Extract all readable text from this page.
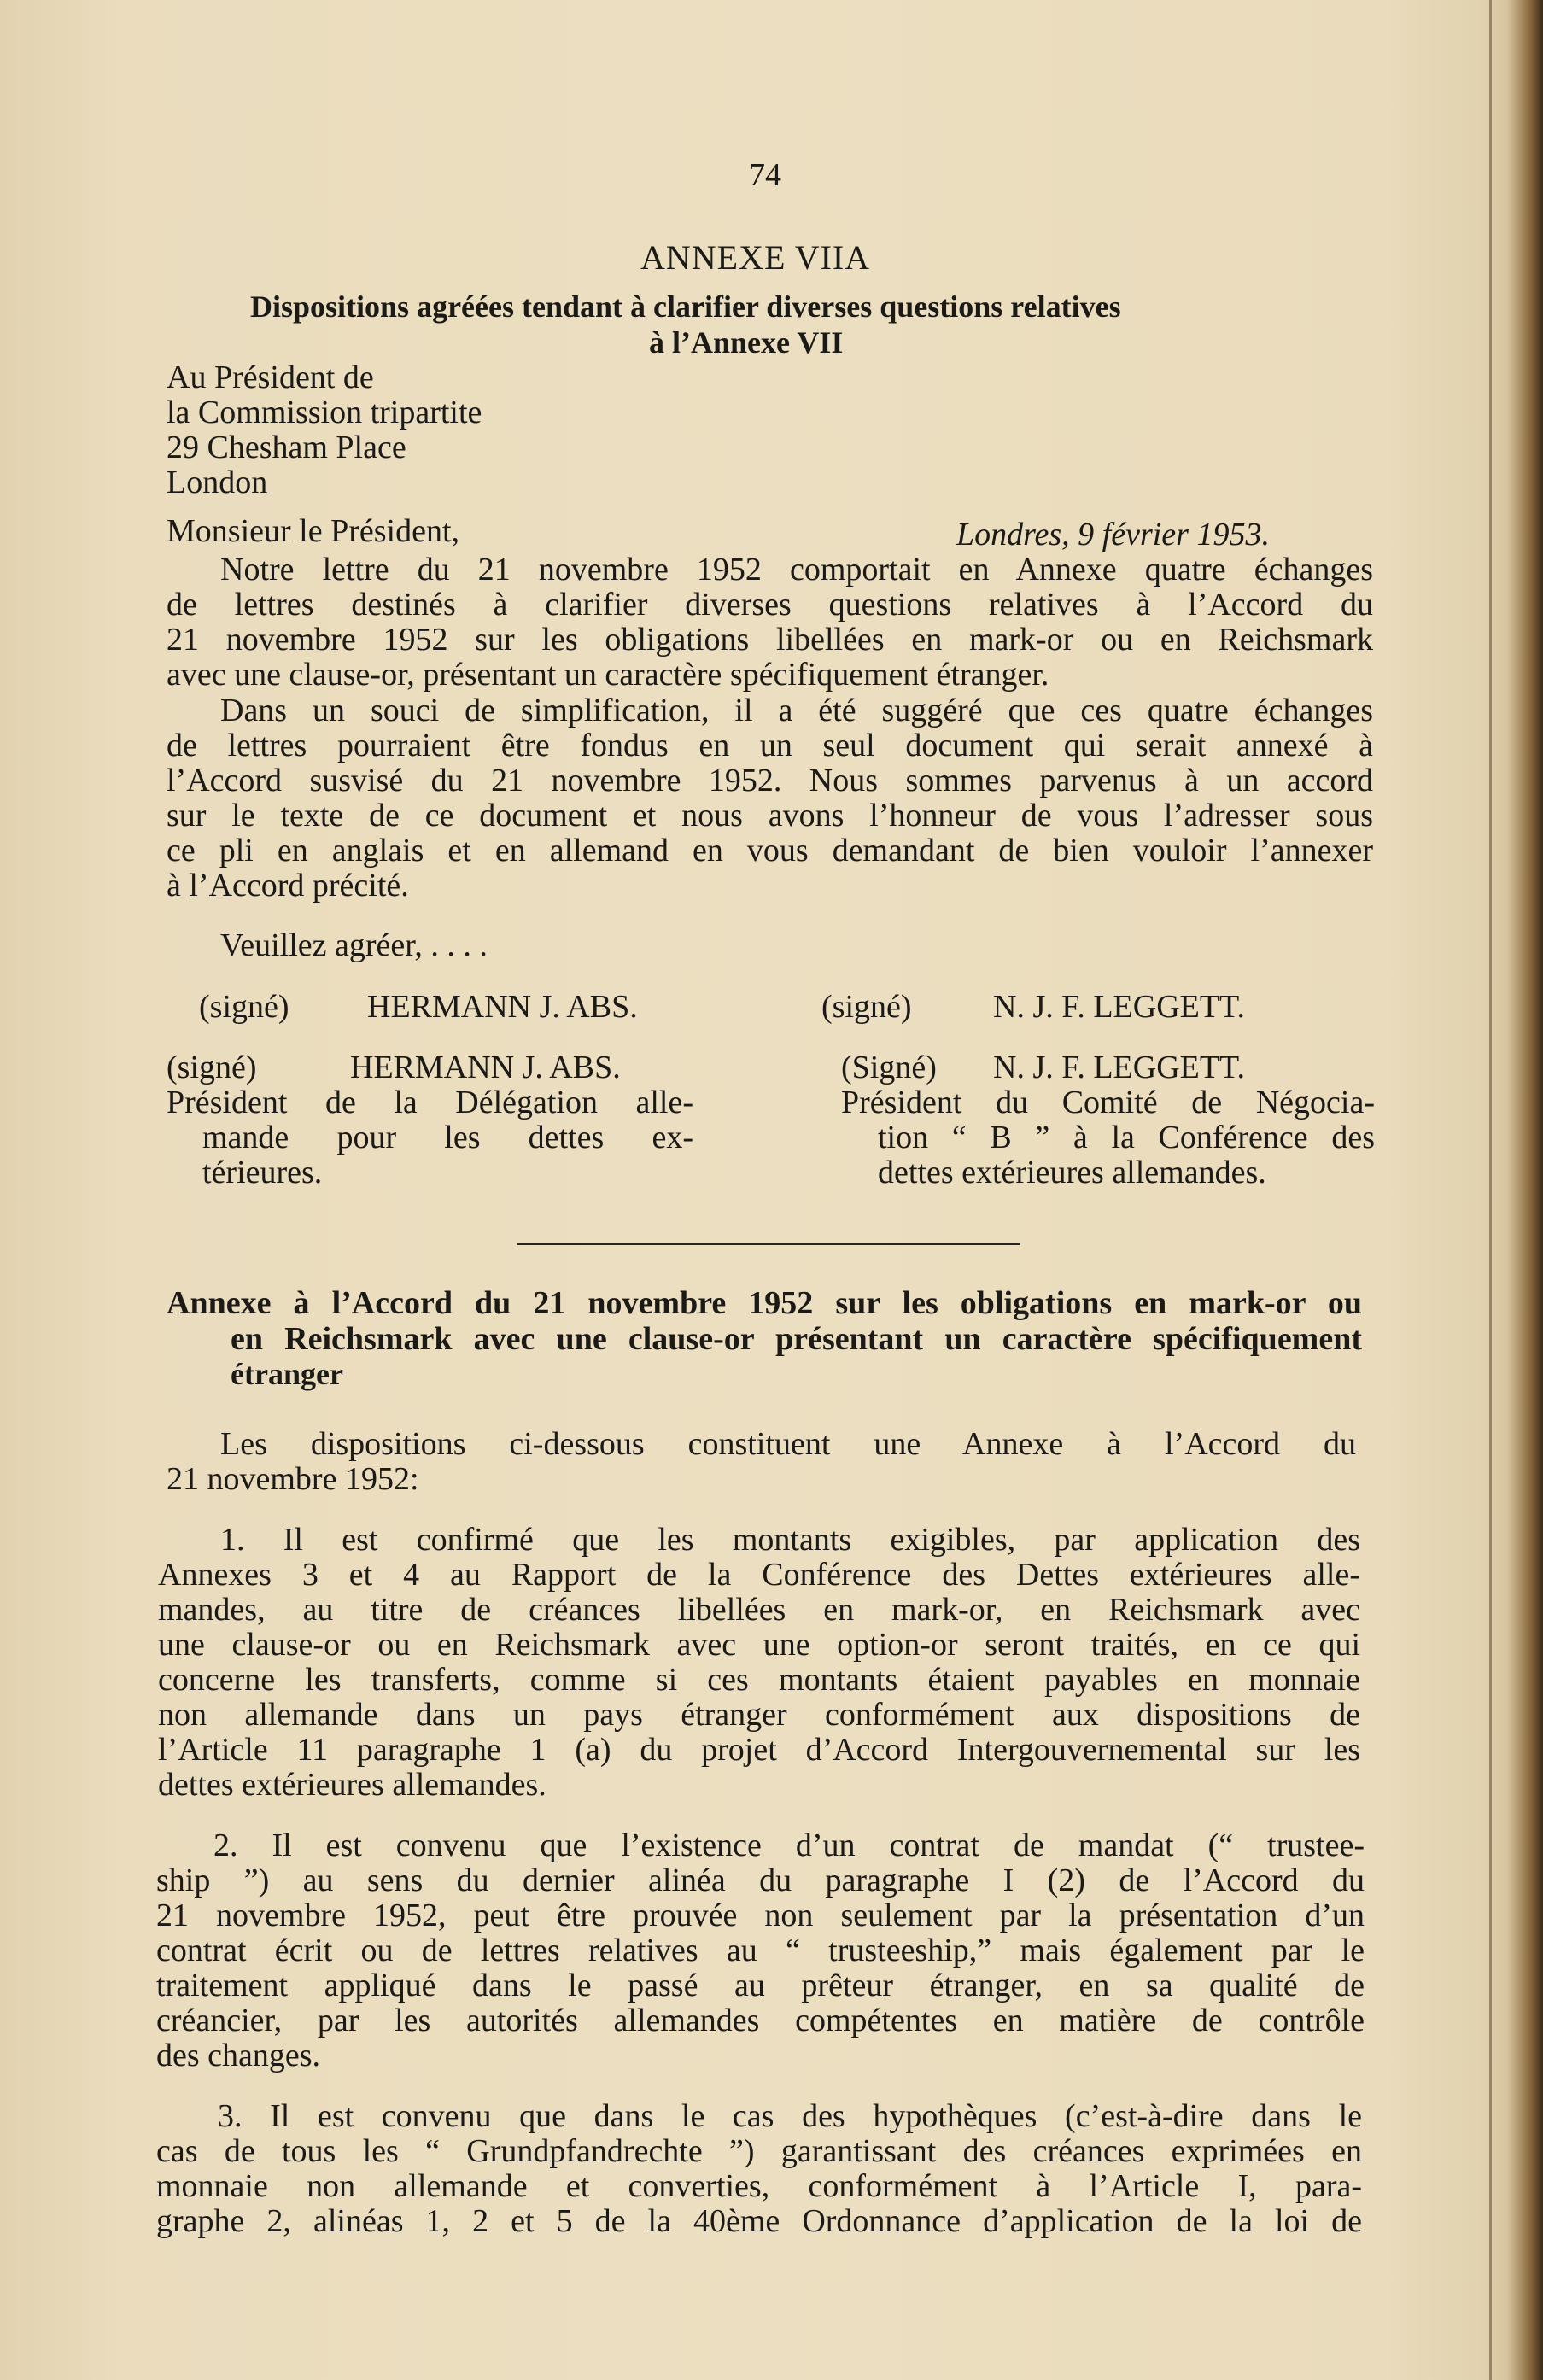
74
ANNEXE VIIA
Dispositions agréées tendant à clarifier diverses questions relatives
à l’Annexe VII
Au Président de
la Commission tripartite
29 Chesham Place
London
Monsieur le Président,	Londres, 9 février 1953.
Notre lettre du 21 novembre 1952 comportait en Annexe quatre échanges
de lettres destinés à clarifier diverses questions relatives à l’Accord du
21 novembre 1952 sur les obligations libellées en mark-or ou en Reichsmark
avec une clause-or, présentant un caractère spécifiquement étranger.
Dans un souci de simplification, il a été suggéré que ces quatre échanges
de lettres pourraient être fondus en un seul document qui serait annexé à
l’Accord susvisé du 21 novembre 1952. Nous sommes parvenus à un accord
sur le texte de ce document et nous avons l’honneur de vous l’adresser sous
ce pli en anglais et en allemand en vous demandant de bien vouloir l’annexer
à l’Accord précité.
Veuillez agréer, . . . .
(signé) HERMANN J. ABS.	(signé)	N. J. F. LEGGETT.
(signé)	HERMANN J. ABS.
Président de la Délégation alle-
mande pour les dettes ex-
térieures.
(Signé) N. J. F. LEGGETT.
Président du Comité de Négocia-
tion “ B ” à la Conférence des
dettes extérieures allemandes.
Annexe à l’Accord du 21 novembre 1952 sur les obligations en mark-or ou
en Reichsmark avec une clause-or présentant un caractère spécifiquement
étranger
Les dispositions ci-dessous constituent une Annexe à l’Accord du
21 novembre 1952:
1. Il est confirmé que les montants exigibles, par application des
Annexes 3 et 4 au Rapport de la Conférence des Dettes extérieures alle-
mandes, au titre de créances libellées en mark-or, en Reichsmark avec
une clause-or ou en Reichsmark avec une option-or seront traités, en ce qui
concerne les transferts, comme si ces montants étaient payables en monnaie
non allemande dans un pays étranger conformément aux dispositions de
l’Article 11 paragraphe 1 (a) du projet d’Accord Intergouvernemental sur les
dettes extérieures allemandes.
2. Il est convenu que l’existence d’un contrat de mandat (“ trustee-
ship ”) au sens du dernier alinéa du paragraphe I (2) de l’Accord du
21 novembre 1952, peut être prouvée non seulement par la présentation d’un
contrat écrit ou de lettres relatives au “ trusteeship,” mais également par le
traitement appliqué dans le passé au prêteur étranger, en sa qualité de
créancier, par les autorités allemandes compétentes en matière de contrôle
des changes.
3. Il est convenu que dans le cas des hypothèques (c’est-à-dire dans le
cas de tous les “ Grundpfandrechte ”) garantissant des créances exprimées en
monnaie non allemande et converties, conformément à l’Article I, para-
graphe 2, alinéas 1, 2 et 5 de la 40ème Ordonnance d’application de la loi de
